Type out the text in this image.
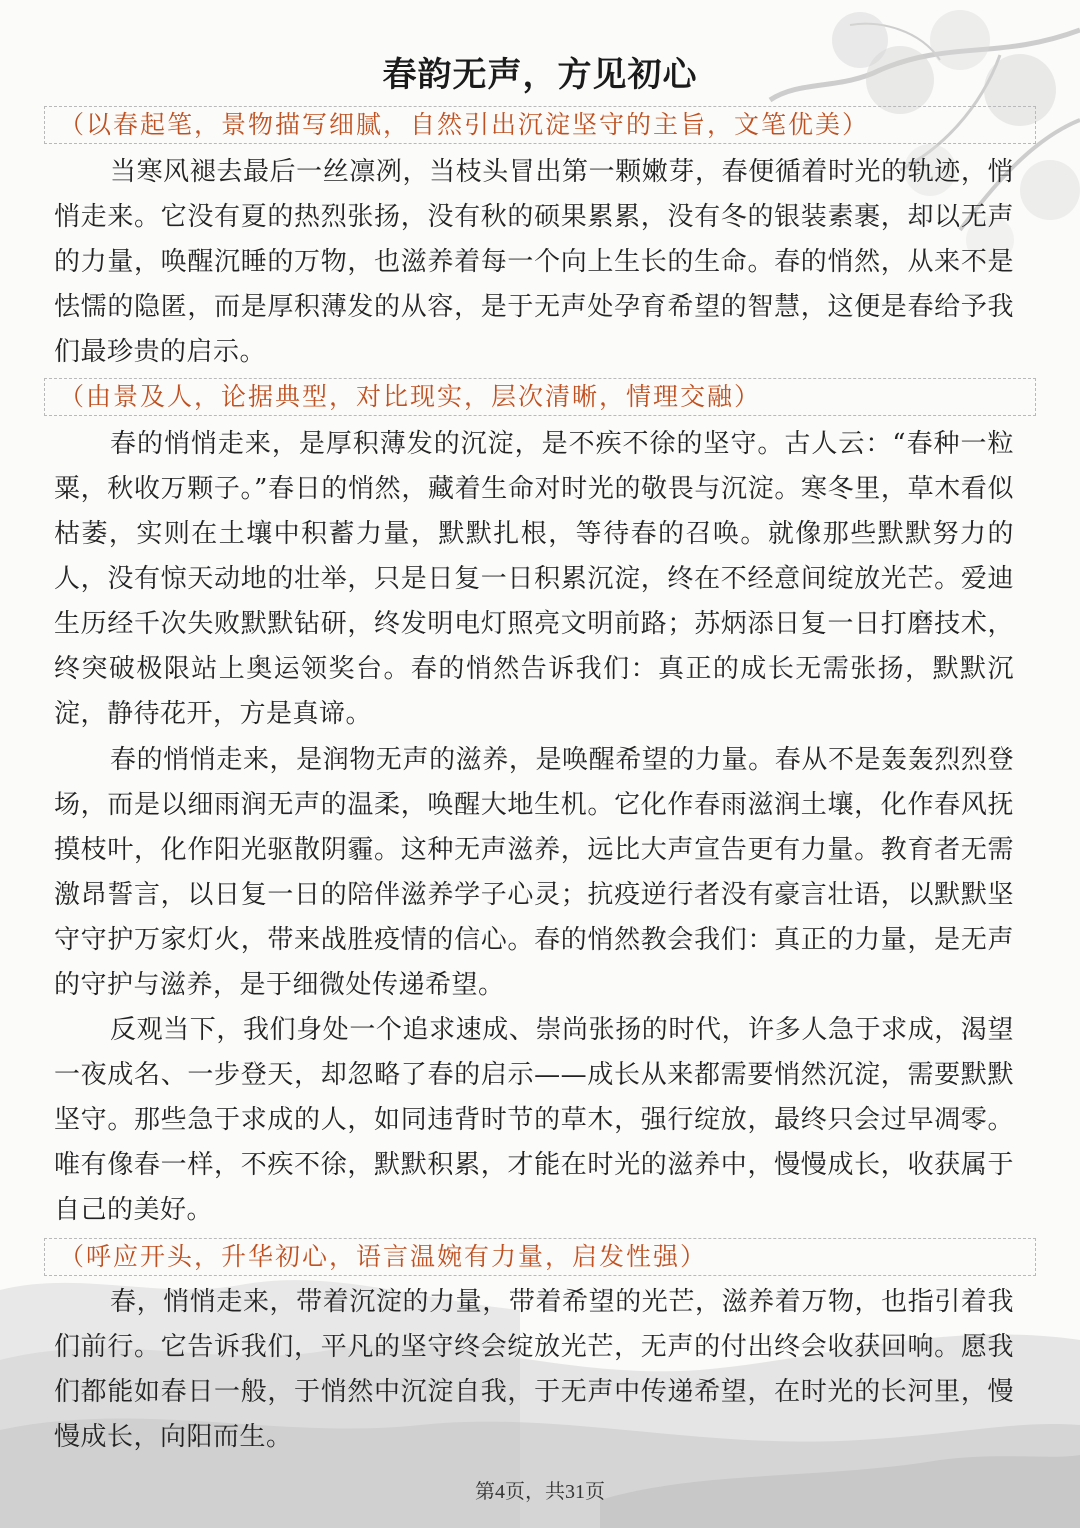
春韵无声，方见初心
（以春起笔，景物描写细腻，自然引出沉淀坚守的主旨，文笔优美）

当寒风褪去最后一丝凛冽，当枝头冒出第一颗嫩芽，春便循着时光的轨迹，悄悄走来。它没有夏的热烈张扬，没有秋的硕果累累，没有冬的银装素裹，却以无声的力量，唤醒沉睡的万物，也滋养着每一个向上生长的生命。春的悄然，从来不是怯懦的隐匿，而是厚积薄发的从容，是于无声处孕育希望的智慧，这便是春给予我们最珍贵的启示。

（由景及人，论据典型，对比现实，层次清晰，情理交融）

春的悄悄走来，是厚积薄发的沉淀，是不疾不徐的坚守。古人云：“春种一粒粟，秋收万颗子。”春日的悄然，藏着生命对时光的敬畏与沉淀。寒冬里，草木看似枯萎，实则在土壤中积蓄力量，默默扎根，等待春的召唤。就像那些默默努力的人，没有惊天动地的壮举，只是日复一日积累沉淀，终在不经意间绽放光芒。爱迪生历经千次失败默默钻研，终发明电灯照亮文明前路；苏炳添日复一日打磨技术，终突破极限站上奥运领奖台。春的悄然告诉我们：真正的成长无需张扬，默默沉淀，静待花开，方是真谛。

春的悄悄走来，是润物无声的滋养，是唤醒希望的力量。春从不是轰轰烈烈登场，而是以细雨润无声的温柔，唤醒大地生机。它化作春雨滋润土壤，化作春风抚摸枝叶，化作阳光驱散阴霾。这种无声滋养，远比大声宣告更有力量。教育者无需激昂誓言，以日复一日的陪伴滋养学子心灵；抗疫逆行者没有豪言壮语，以默默坚守守护万家灯火，带来战胜疫情的信心。春的悄然教会我们：真正的力量，是无声的守护与滋养，是于细微处传递希望。

反观当下，我们身处一个追求速成、崇尚张扬的时代，许多人急于求成，渴望一夜成名、一步登天，却忽略了春的启示——成长从来都需要悄然沉淀，需要默默坚守。那些急于求成的人，如同违背时节的草木，强行绽放，最终只会过早凋零。唯有像春一样，不疾不徐，默默积累，才能在时光的滋养中，慢慢成长，收获属于自己的美好。

（呼应开头，升华初心，语言温婉有力量，启发性强）

春，悄悄走来，带着沉淀的力量，带着希望的光芒，滋养着万物，也指引着我们前行。它告诉我们，平凡的坚守终会绽放光芒，无声的付出终会收获回响。愿我们都能如春日一般，于悄然中沉淀自我，于无声中传递希望，在时光的长河里，慢慢成长，向阳而生。

第4页，共31页
